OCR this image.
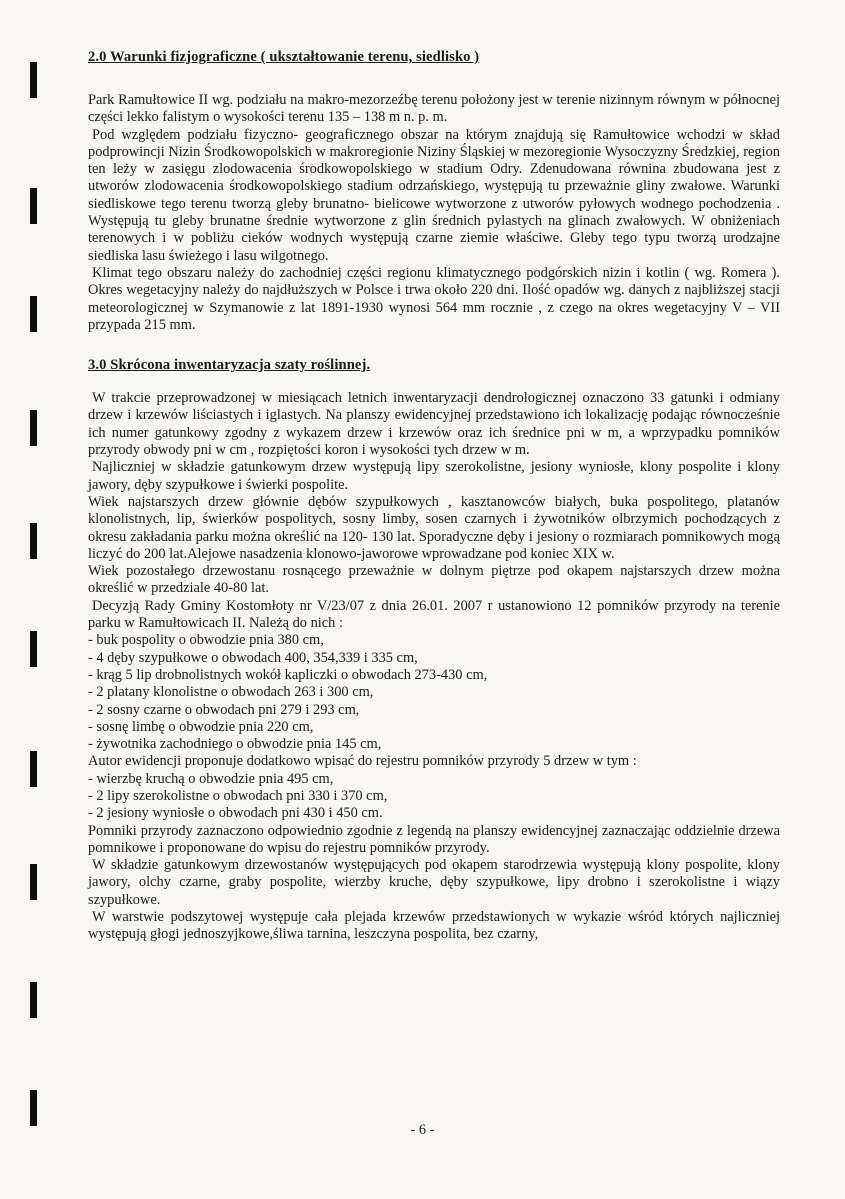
2.0 Warunki fizjograficzne ( ukształtowanie terenu, siedlisko )

Park Ramułtowice II wg. podziału na makro-mezorzeźbę terenu położony jest w terenie nizinnym równym w północnej części lekko falistym o wysokości terenu 135 – 138 m n. p. m.

Pod względem podziału fizyczno- geograficznego obszar na którym znajdują się Ramułtowice wchodzi w skład podprowincji Nizin Środkowopolskich w makroregionie Niziny Śląskiej w mezoregionie Wysoczyzny Średzkiej, region ten leży w zasięgu zlodowacenia środkowopolskiego w stadium Odry. Zdenudowana równina zbudowana jest z utworów zlodowacenia środkowopolskiego stadium odrzańskiego, występują tu przeważnie gliny zwałowe. Warunki siedliskowe tego terenu tworzą gleby brunatno- bielicowe wytworzone z utworów pyłowych wodnego pochodzenia . Występują tu gleby brunatne średnie wytworzone z glin średnich pylastych na glinach zwałowych. W obniżeniach terenowych i w pobliżu cieków wodnych występują czarne ziemie właściwe. Gleby tego typu tworzą urodzajne siedliska lasu świeżego i lasu wilgotnego.

Klimat tego obszaru należy do zachodniej części regionu klimatycznego podgórskich nizin i kotlin ( wg. Romera ). Okres wegetacyjny należy do najdłuższych w Polsce i trwa około 220 dni. Ilość opadów wg. danych z najbliższej stacji meteorologicznej w Szymanowie z lat 1891-1930 wynosi 564 mm rocznie , z czego na okres wegetacyjny V – VII przypada 215 mm.

3.0 Skrócona inwentaryzacja szaty roślinnej.

W trakcie przeprowadzonej w miesiącach letnich inwentaryzacji dendrologicznej oznaczono 33 gatunki i odmiany drzew i krzewów liściastych i iglastych. Na planszy ewidencyjnej przedstawiono ich lokalizację podając równocześnie ich numer gatunkowy zgodny z wykazem drzew i krzewów oraz ich średnice pni w m, a wprzypadku pomników przyrody obwody pni w cm , rozpiętości koron i wysokości tych drzew w m.

Najliczniej w składzie gatunkowym drzew występują lipy szerokolistne, jesiony wyniosłe, klony pospolite i klony jawory, dęby szypułkowe i świerki pospolite.

Wiek najstarszych drzew głównie dębów szypułkowych , kasztanowców białych, buka pospolitego, platanów klonolistnych, lip, świerków pospolitych, sosny limby, sosen czarnych i żywotników olbrzymich pochodzących z okresu zakładania parku można określić na 120- 130 lat. Sporadyczne dęby i jesiony o rozmiarach pomnikowych mogą liczyć do 200 lat.Alejowe nasadzenia klonowo-jaworowe wprowadzane pod koniec XIX w.

Wiek pozostałego drzewostanu rosnącego przeważnie w dolnym piętrze pod okapem najstarszych drzew można określić w przedziale 40-80 lat.

Decyzją Rady Gminy Kostomłoty nr V/23/07 z dnia 26.01. 2007 r ustanowiono 12 pomników przyrody na terenie parku w Ramułtowicach II. Należą do nich :

- buk pospolity o obwodzie pnia 380 cm,

- 4 dęby szypułkowe o obwodach 400, 354,339 i 335 cm,

- krąg 5 lip drobnolistnych wokół kapliczki o obwodach 273-430 cm,

- 2 platany klonolistne o obwodach 263 i 300 cm,

- 2 sosny czarne o obwodach pni 279 i 293 cm,

- sosnę limbę o obwodzie pnia 220 cm,

- żywotnika zachodniego o obwodzie pnia 145 cm,

Autor ewidencji proponuje dodatkowo wpisać do rejestru pomników przyrody 5 drzew w tym :

- wierzbę kruchą o obwodzie pnia 495 cm,

- 2 lipy szerokolistne o obwodach pni 330 i 370 cm,

- 2 jesiony wyniosłe o obwodach pni 430 i 450 cm.

Pomniki przyrody zaznaczono odpowiednio zgodnie z legendą na planszy ewidencyjnej zaznaczając oddzielnie drzewa pomnikowe i proponowane do wpisu do rejestru pomników przyrody.

W składzie gatunkowym drzewostanów występujących pod okapem starodrzewia występują klony pospolite, klony jawory, olchy czarne, graby pospolite, wierzby kruche, dęby szypułkowe, lipy drobno i szerokolistne i wiązy szypułkowe.

W warstwie podszytowej występuje cała plejada krzewów przedstawionych w wykazie wśród których najliczniej występują głogi jednoszyjkowe,śliwa tarnina, leszczyna pospolita, bez czarny,

- 6 -
